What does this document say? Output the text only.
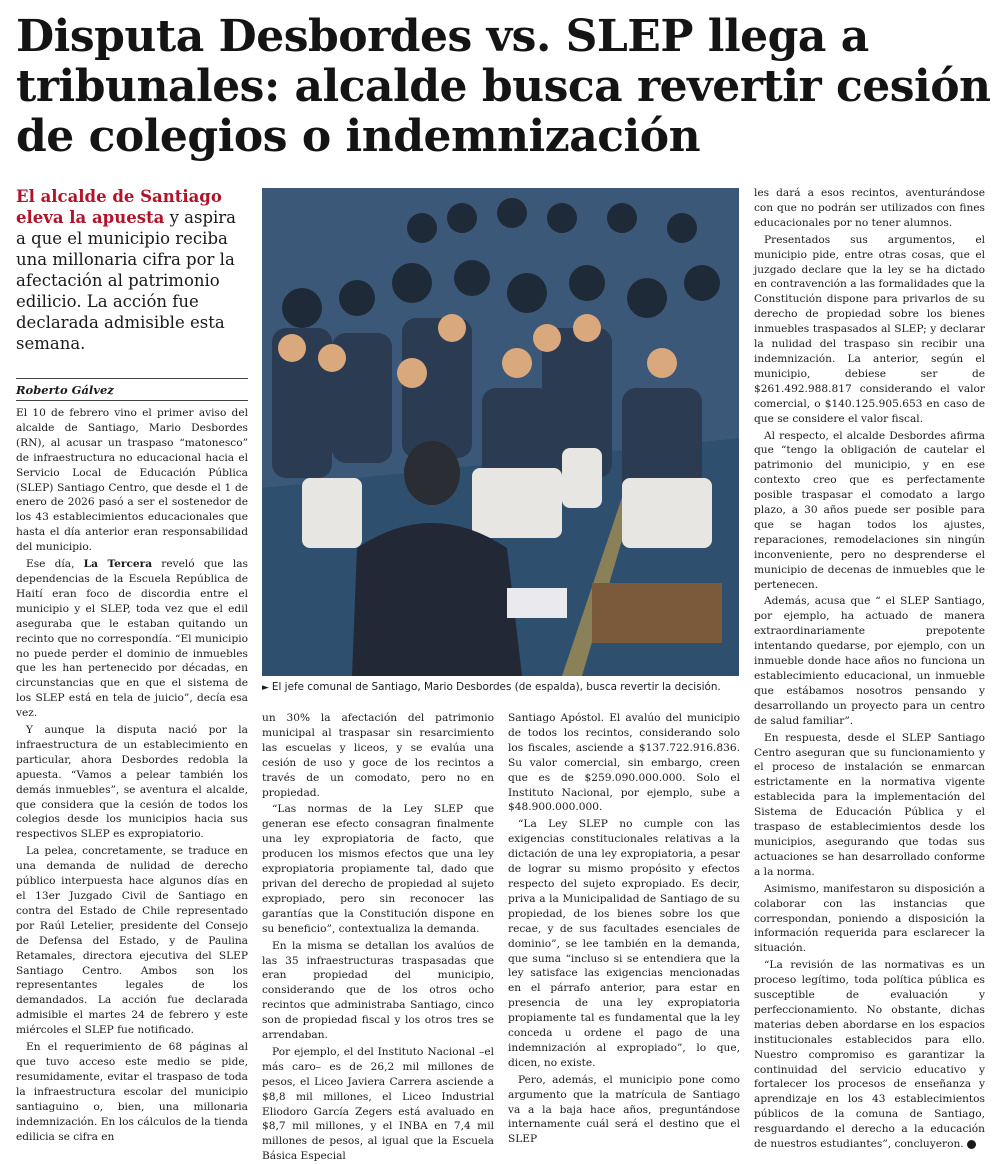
Disputa Desbordes vs. SLEP llega a tribunales: alcalde busca revertir cesión de colegios o indemnización
El alcalde de Santiago eleva la apuesta y aspira a que el municipio reciba una millonaria cifra por la afectación al patrimonio edilicio. La acción fue declarada admisible esta semana.
Roberto Gálvez

El 10 de febrero vino el primer aviso del alcalde de Santiago, Mario Desbordes (RN), al acusar un traspaso “matonesco” de infraestructura no educacional hacia el Servicio Local de Educación Pública (SLEP) Santiago Centro, que desde el 1 de enero de 2026 pasó a ser el sostenedor de los 43 establecimientos educacionales que hasta el día anterior eran responsabilidad del municipio.

Ese día, La Tercera reveló que las dependencias de la Escuela República de Haití eran foco de discordia entre el municipio y el SLEP, toda vez que el edil aseguraba que le estaban quitando un recinto que no correspondía. “El municipio no puede perder el dominio de inmuebles que les han pertenecido por décadas, en circunstancias que en que el sistema de los SLEP está en tela de juicio”, decía esa vez.

Y aunque la disputa nació por la infraestructura de un establecimiento en particular, ahora Desbordes redobla la apuesta. “Vamos a pelear también los demás inmuebles”, se aventura el alcalde, que considera que la cesión de todos los colegios desde los municipios hacia sus respectivos SLEP es expropiatorio.

La pelea, concretamente, se traduce en una demanda de nulidad de derecho público interpuesta hace algunos días en el 13er Juzgado Civil de Santiago en contra del Estado de Chile representado por Raúl Letelier, presidente del Consejo de Defensa del Estado, y de Paulina Retamales, directora ejecutiva del SLEP Santiago Centro. Ambos son los representantes legales de los demandados. La acción fue declarada admisible el martes 24 de febrero y este miércoles el SLEP fue notificado.

En el requerimiento de 68 páginas al que tuvo acceso este medio se pide, resumidamente, evitar el traspaso de toda la infraestructura escolar del municipio santiaguino o, bien, una millonaria indemnización. En los cálculos de la tienda edilicia se cifra en

► El jefe comunal de Santiago, Mario Desbordes (de espalda), busca revertir la decisión.

un 30% la afectación del patrimonio municipal al traspasar sin resarcimiento las escuelas y liceos, y se evalúa una cesión de uso y goce de los recintos a través de un comodato, pero no en propiedad.

“Las normas de la Ley SLEP que generan ese efecto consagran finalmente una ley expropiatoria de facto, que producen los mismos efectos que una ley expropiatoria propiamente tal, dado que privan del derecho de propiedad al sujeto expropiado, pero sin reconocer las garantías que la Constitución dispone en su beneficio”, contextualiza la demanda.

En la misma se detallan los avalúos de las 35 infraestructuras traspasadas que eran propiedad del municipio, considerando que de los otros ocho recintos que administraba Santiago, cinco son de propiedad fiscal y los otros tres se arrendaban.

Por ejemplo, el del Instituto Nacional –el más caro– es de 26,2 mil millones de pesos, el Liceo Javiera Carrera asciende a $8,8 mil millones, el Liceo Industrial Eliodoro García Zegers está avaluado en $8,7 mil millones, y el INBA en 7,4 mil millones de pesos, al igual que la Escuela Básica Especial

Santiago Apóstol. El avalúo del municipio de todos los recintos, considerando solo los fiscales, asciende a $137.722.916.836. Su valor comercial, sin embargo, creen que es de $259.090.000.000. Solo el Instituto Nacional, por ejemplo, sube a $48.900.000.000.

“La Ley SLEP no cumple con las exigencias constitucionales relativas a la dictación de una ley expropiatoria, a pesar de lograr su mismo propósito y efectos respecto del sujeto expropiado. Es decir, priva a la Municipalidad de Santiago de su propiedad, de los bienes sobre los que recae, y de sus facultades esenciales de dominio”, se lee también en la demanda, que suma “incluso si se entendiera que la ley satisface las exigencias mencionadas en el párrafo anterior, para estar en presencia de una ley expropiatoria propiamente tal es fundamental que la ley conceda u ordene el pago de una indemnización al expropiado”, lo que, dicen, no existe.

Pero, además, el municipio pone como argumento que la matrícula de Santiago va a la baja hace años, preguntándose internamente cuál será el destino que el SLEP

les dará a esos recintos, aventurándose con que no podrán ser utilizados con fines educacionales por no tener alumnos.

Presentados sus argumentos, el municipio pide, entre otras cosas, que el juzgado declare que la ley se ha dictado en contravención a las formalidades que la Constitución dispone para privarlos de su derecho de propiedad sobre los bienes inmuebles traspasados al SLEP; y declarar la nulidad del traspaso sin recibir una indemnización. La anterior, según el municipio, debiese ser de $261.492.988.817 considerando el valor comercial, o $140.125.905.653 en caso de que se considere el valor fiscal.

Al respecto, el alcalde Desbordes afirma que “tengo la obligación de cautelar el patrimonio del municipio, y en ese contexto creo que es perfectamente posible traspasar el comodato a largo plazo, a 30 años puede ser posible para que se hagan todos los ajustes, reparaciones, remodelaciones sin ningún inconveniente, pero no desprenderse el municipio de decenas de inmuebles que le pertenecen.

Además, acusa que “ el SLEP Santiago, por ejemplo, ha actuado de manera extraordinariamente prepotente intentando quedarse, por ejemplo, con un inmueble donde hace años no funciona un establecimiento educacional, un inmueble que estábamos nosotros pensando y desarrollando un proyecto para un centro de salud familiar”.

En respuesta, desde el SLEP Santiago Centro aseguran que su funcionamiento y el proceso de instalación se enmarcan estrictamente en la normativa vigente establecida para la implementación del Sistema de Educación Pública y el traspaso de establecimientos desde los municipios, asegurando que todas sus actuaciones se han desarrollado conforme a la norma.

Asimismo, manifestaron su disposición a colaborar con las instancias que correspondan, poniendo a disposición la información requerida para esclarecer la situación.

“La revisión de las normativas es un proceso legítimo, toda política pública es susceptible de evaluación y perfeccionamiento. No obstante, dichas materias deben abordarse en los espacios institucionales establecidos para ello. Nuestro compromiso es garantizar la continuidad del servicio educativo y fortalecer los procesos de enseñanza y aprendizaje en los 43 establecimientos públicos de la comuna de Santiago, resguardando el derecho a la educación de nuestros estudiantes”, concluyeron.
